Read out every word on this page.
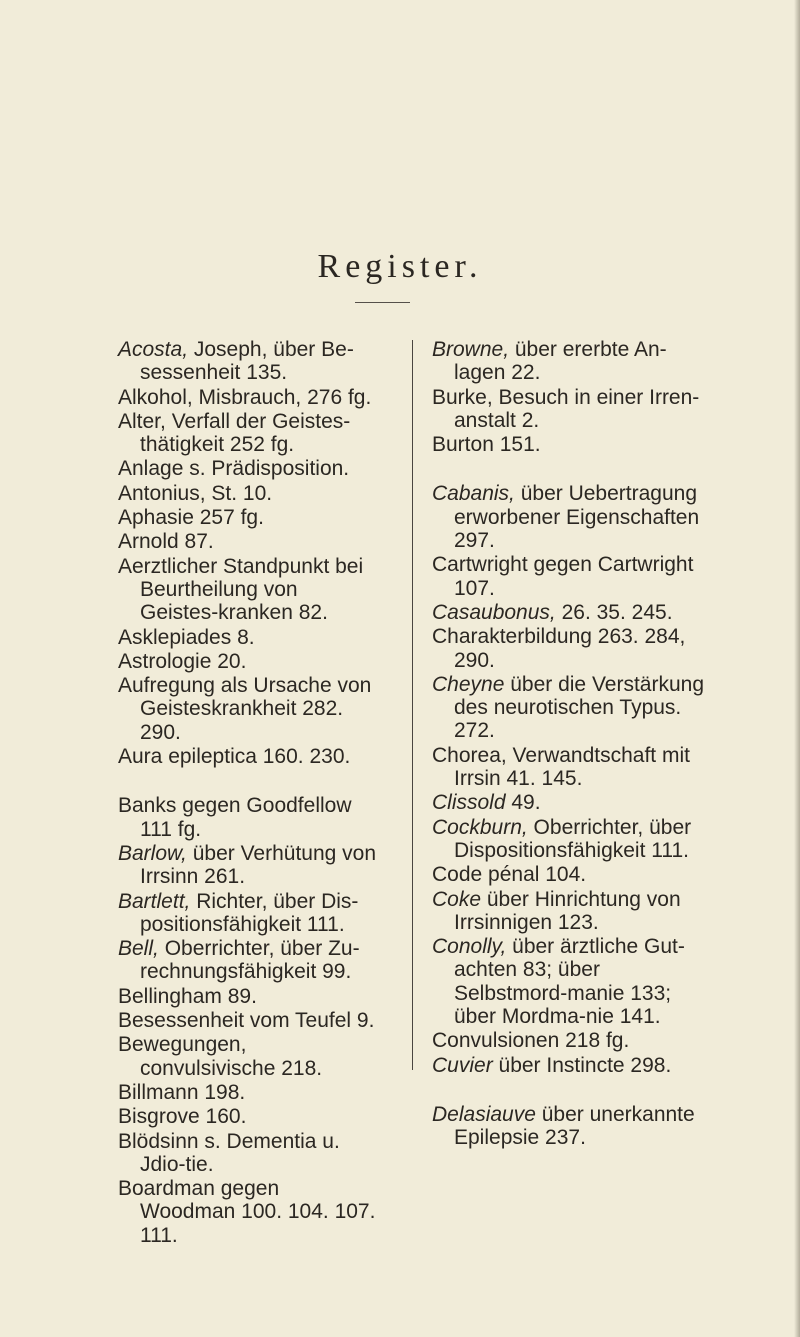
Register.

Acosta, Joseph, über Be-sessenheit 135.

Alkohol, Misbrauch, 276 fg.

Alter, Verfall der Geistes-thätigkeit 252 fg.

Anlage s. Prädisposition.

Antonius, St. 10.

Aphasie 257 fg.

Arnold 87.

Aerztlicher Standpunkt bei Beurtheilung von Geistes-kranken 82.

Asklepiades 8.

Astrologie 20.

Aufregung als Ursache von Geisteskrankheit 282. 290.

Aura epileptica 160. 230.

Banks gegen Goodfellow 111 fg.

Barlow, über Verhütung von Irrsinn 261.

Bartlett, Richter, über Dis-positionsfähigkeit 111.

Bell, Oberrichter, über Zu-rechnungsfähigkeit 99.

Bellingham 89.

Besessenheit vom Teufel 9.

Bewegungen, convulsivische 218.

Billmann 198.

Bisgrove 160.

Blödsinn s. Dementia u. Jdio-tie.

Boardman gegen Woodman 100. 104. 107. 111.

Browne, über ererbte An-lagen 22.

Burke, Besuch in einer Irren-anstalt 2.

Burton 151.

Cabanis, über Uebertragung erworbener Eigenschaften 297.

Cartwright gegen Cartwright 107.

Casaubonus, 26. 35. 245.

Charakterbildung 263. 284, 290.

Cheyne über die Verstärkung des neurotischen Typus. 272.

Chorea, Verwandtschaft mit Irrsin 41. 145.

Clissold 49.

Cockburn, Oberrichter, über Dispositionsfähigkeit 111.

Code pénal 104.

Coke über Hinrichtung von Irrsinnigen 123.

Conolly, über ärztliche Gut-achten 83; über Selbstmord-manie 133; über Mordma-nie 141.

Convulsionen 218 fg.

Cuvier über Instincte 298.

Delasiauve über unerkannte Epilepsie 237.
